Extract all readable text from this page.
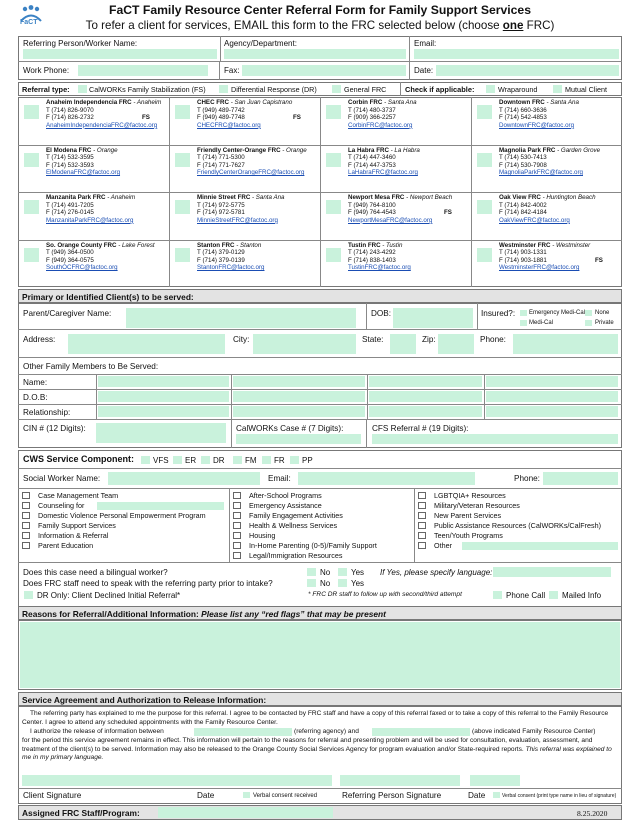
FaCT
FaCT Family Resource Center Referral Form for Family Support Services
To refer a client for services, EMAIL this form to the FRC selected below (choose one FRC)
Referring Person/Worker Name:	Agency/Department:	Email:
Work Phone:	Fax:	Date:
Referral type:	CalWORKs Family Stabilization (FS)	Differential Response (DR)	General FRC	Check if applicable:	Wraparound	Mutual Client
Anaheim Independencia FRC - Anaheim
T (714) 826-9070
F (714) 826-2732
AnaheimIndependenciaFRC@factoc.org
FS
CHEC FRC - San Juan Capistrano
T (949) 489-7742
F (949) 489-7748
CHECFRC@factoc.org
FS
Corbin FRC - Santa Ana
T (714) 480-3737
F (909) 366-2257
CorbinFRC@factoc.org
Downtown FRC - Santa Ana
T (714) 660-3636
F (714) 542-4853
DowntownFRC@factoc.org
El Modena FRC - Orange
T (714) 532-3595
F (714) 532-3593
ElModenaFRC@factoc.org
Friendly Center-Orange FRC - Orange
T (714) 771-5300
F (714) 771-7627
FriendlyCenterOrangeFRC@factoc.org
La Habra FRC - La Habra
T (714) 447-3460
F (714) 447-3753
LaHabraFRC@factoc.org
Magnolia Park FRC - Garden Grove
T (714) 530-7413
F (714) 530-7908
MagnoliaParkFRC@factoc.org
Manzanita Park FRC - Anaheim
T (714) 491-7205
F (714) 276-0145
ManzanitaParkFRC@factoc.org
Minnie Street FRC - Santa Ana
T (714) 972-5775
F (714) 972-5781
MinnieStreetFRC@factoc.org
Newport Mesa FRC - Newport Beach
T (949) 764-8100
F (949) 764-4543
NewportMesaFRC@factoc.org
FS
Oak View FRC - Huntington Beach
T (714) 842-4002
F (714) 842-4184
OakViewFRC@factoc.org
So. Orange County FRC - Lake Forest
T (949) 364-0500
F (949) 364-0575
SouthOCFRC@factoc.org
Stanton FRC - Stanton
T (714) 379-0129
F (714) 379-0139
StantonFRC@factoc.org
Tustin FRC - Tustin
T (714) 243-4292
F (714) 838-1403
TustinFRC@factoc.org
Westminster FRC - Westminster
T (714) 903-1331
F (714) 903-1881
WestminsterFRC@factoc.org
FS
Primary or Identified Client(s) to be served:
Parent/Caregiver Name:	DOB:	Insured?: Emergency Medi-Cal None
Medi-Cal	Private
Address:	City:	State:	Zip:	Phone:
Other Family Members to Be Served:
Name:
D.O.B:
Relationship:
CIN # (12 Digits):	CalWORKs Case # (7 Digits):	CFS Referral # (19 Digits):
CWS Service Component: VFS ER DR	FM FR PP
Social Worker Name:	Email:	Phone:
Case Management Team
Counseling for
Domestic Violence Personal Empowerment Program
Family Support Services
Information & Referral
Parent Education
After-School Programs
Emergency Assistance
Family Engagement Activities
Health & Wellness Services
Housing
In-Home Parenting (0-5)/Family Support
Legal/Immigration Resources
LGBTQIA+ Resources
Military/Veteran Resources
New Parent Services
Public Assistance Resources (CalWORKs/CalFresh)
Teen/Youth Programs
Other
Does this case need a bilingual worker?
Does FRC staff need to speak with the referring party prior to intake?
No	Yes
No	Yes
If Yes, please specify language:
DR Only: Client Declined Initial Referral*	* FRC DR staff to follow up with second/third attempt	Phone Call Mailed Info
Reasons for Referral/Additional Information: Please list any “red flags” that may be present
Service Agreement and Authorization to Release Information:
The referring party has explained to me the purpose for this referral. I agree to be contacted by FRC staff and have a copy of this referral faxed or to take a copy of this referral to the Family Resource Center. I agree to attend any scheduled appointments with the Family Resource Center.
I authorize the release of information between	(referring agency) and	(above indicated Family Resource Center)
for the period this service agreement remains in effect. This information will pertain to the reasons for referral and presenting problem and will be used for consultation, evaluation, assessment, and treatment of the client(s) to be served. Information may also be released to the Orange County Social Services Agency for program evaluation and/or State-required reports. This referral was explained to me in my primary language.
Client Signature	Date	Verbal consent received	Referring Person Signature	Date	Verbal consent (print type name in lieu of signature)
Assigned FRC Staff/Program:	8.25.2020
